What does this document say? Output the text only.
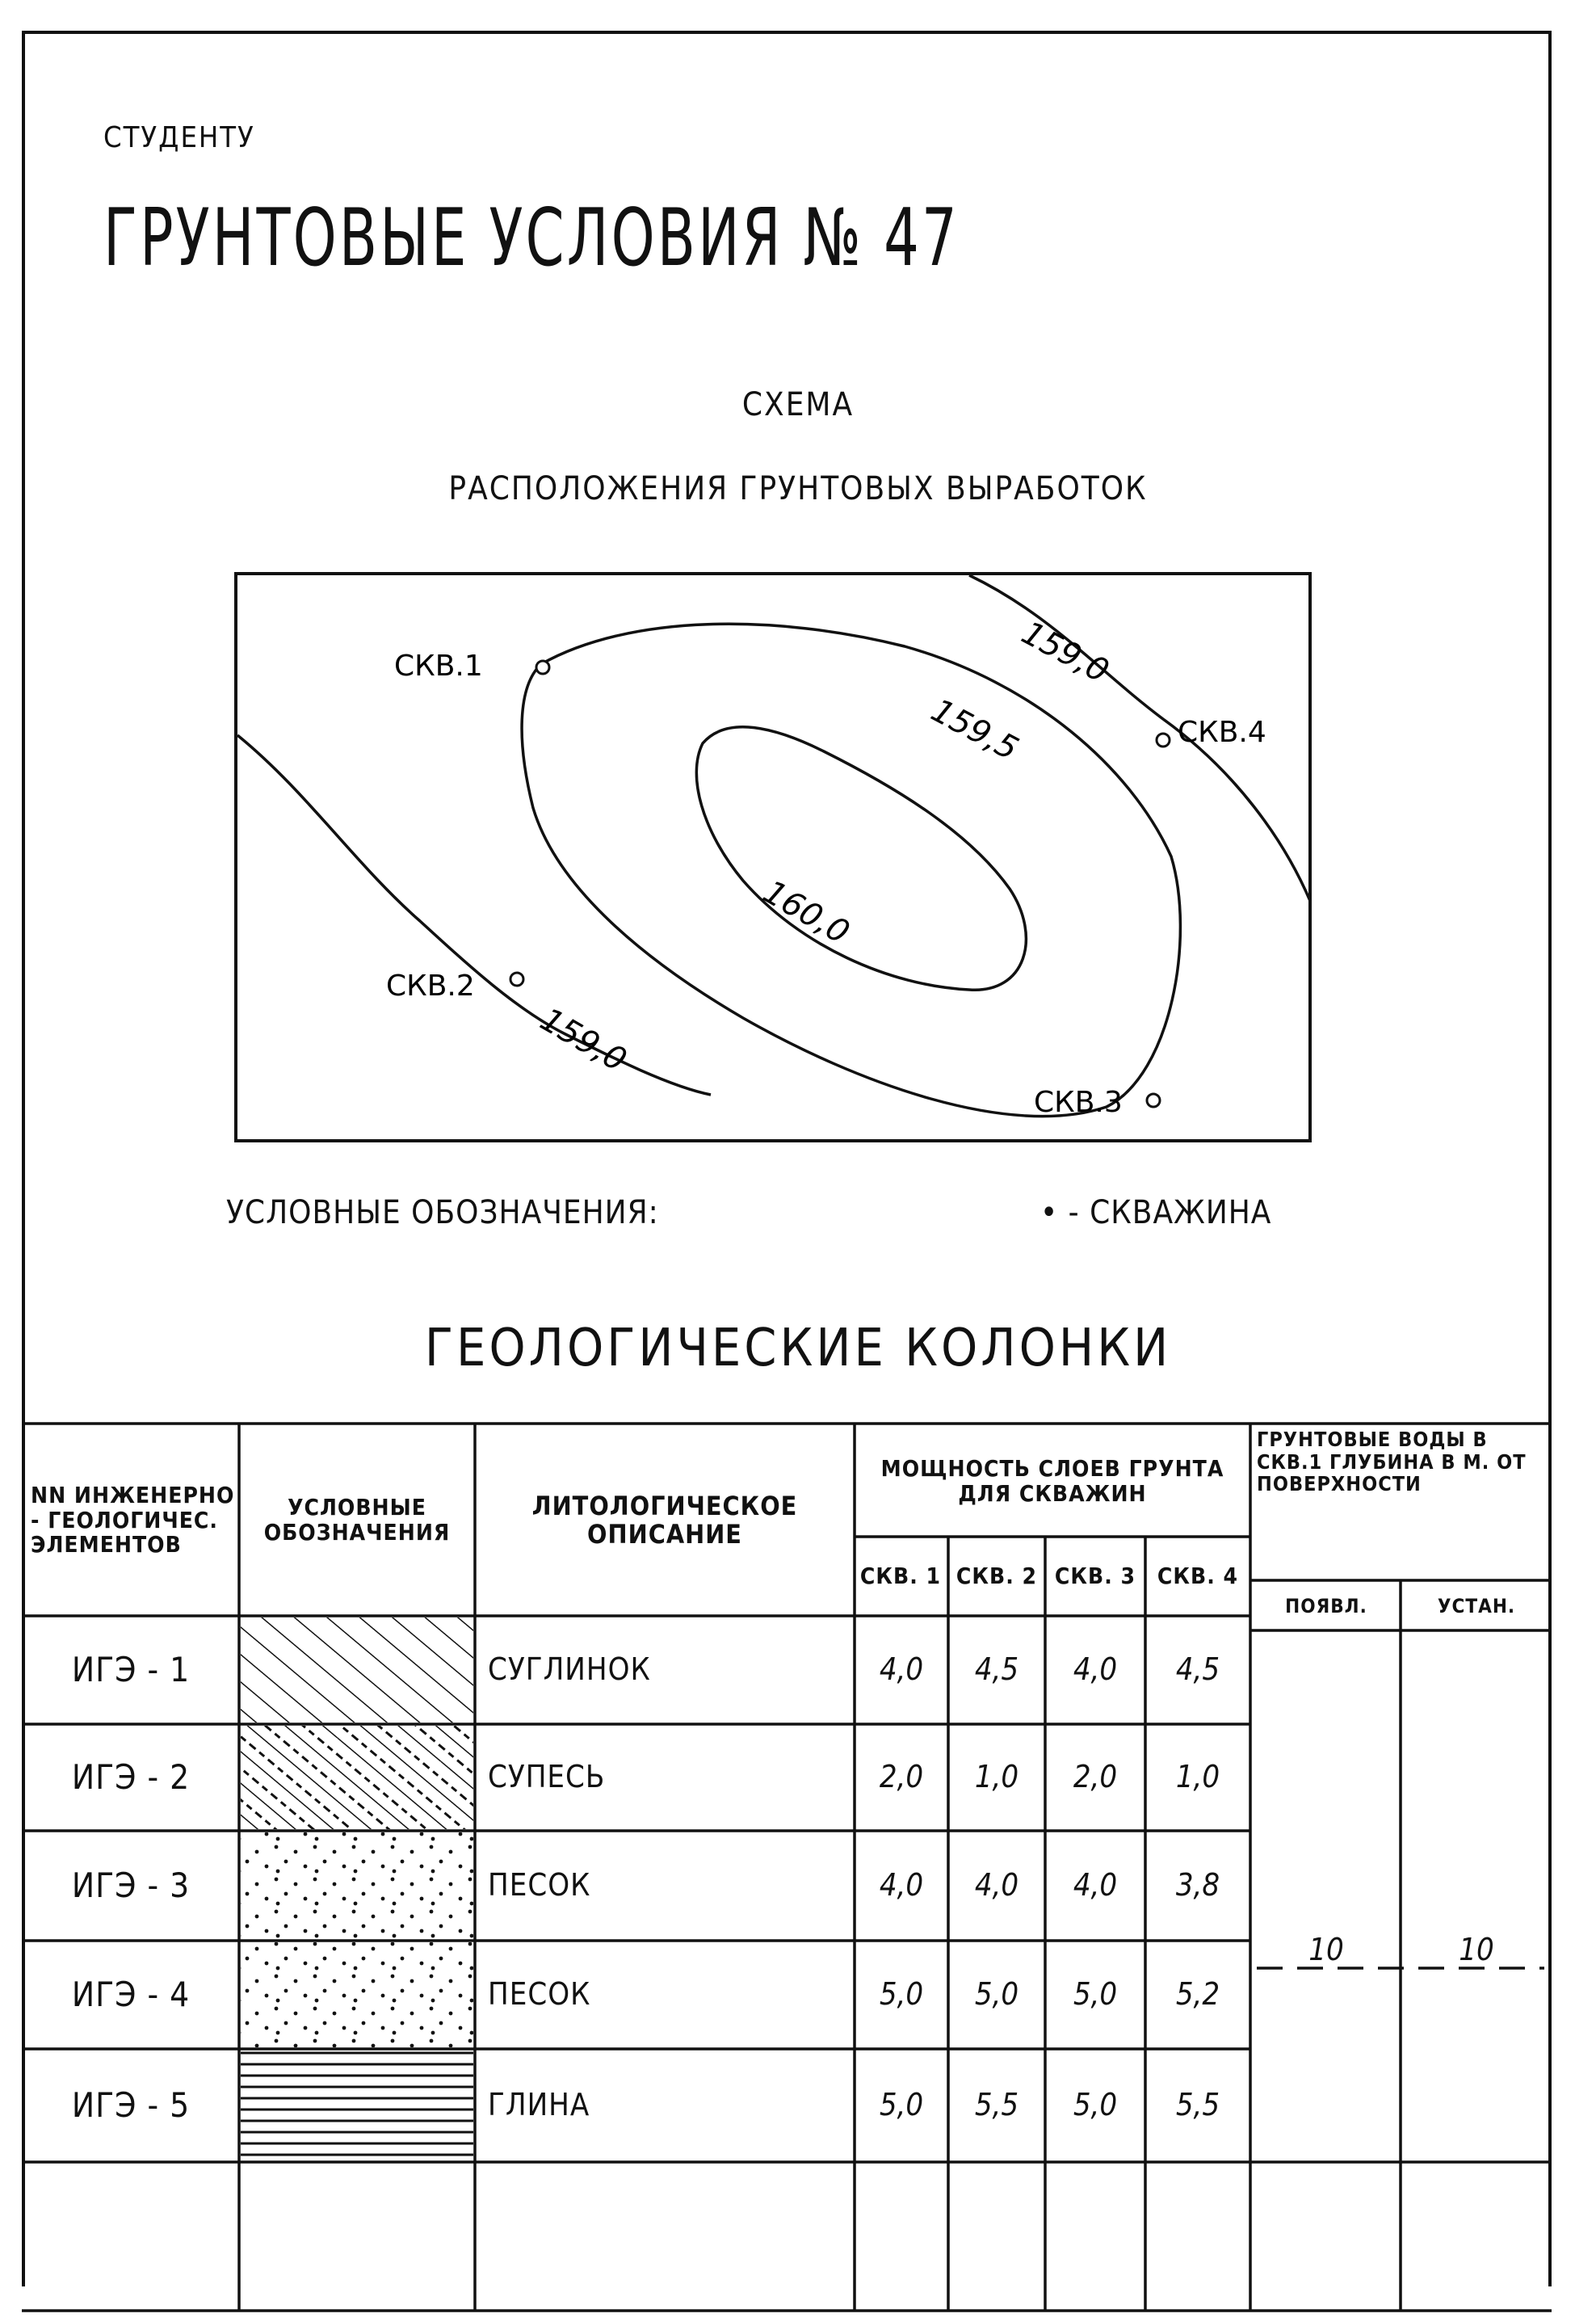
СТУДЕНТУ
ГРУНТОВЫЕ УСЛОВИЯ № 47
СХЕМА
РАСПОЛОЖЕНИЯ ГРУНТОВЫХ ВЫРАБОТОК
СКВ.1
СКВ.2
СКВ.3
СКВ.4
159,0
159,5
160,0
159,0
УСЛОВНЫЕ ОБОЗНАЧЕНИЯ:	• - СКВАЖИНА
ГЕОЛОГИЧЕСКИЕ КОЛОНКИ
NN ИНЖЕНЕРНО - ГЕОЛОГИЧЕС. ЭЛЕМЕНТОВ
УСЛОВНЫЕ ОБОЗНАЧЕНИЯ
ЛИТОЛОГИЧЕСКОЕ ОПИСАНИЕ
МОЩНОСТЬ СЛОЕВ ГРУНТА ДЛЯ СКВАЖИН
СКВ. 1 СКВ. 2 СКВ. 3 СКВ. 4
ГРУНТОВЫЕ ВОДЫ В СКВ.1 ГЛУБИНА В М. ОТ ПОВЕРХНОСТИ
ПОЯВЛ.	УСТАН.
ИГЭ - 1	СУГЛИНОК	4,0	4,5	4,0	4,5
ИГЭ - 2	СУПЕСЬ	2,0	1,0	2,0	1,0
ИГЭ - 3	ПЕСОК	4,0	4,0	4,0	3,8
ИГЭ - 4	ПЕСОК	5,0	5,0	5,0	5,2
ИГЭ - 5	ГЛИНА	5,0	5,5	5,0	5,5
10	10
